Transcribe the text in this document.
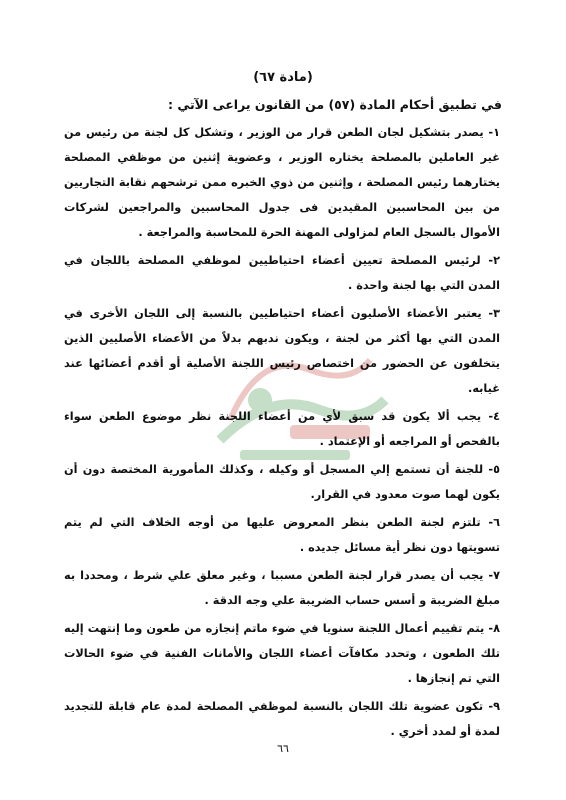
(مادة ٦٧)
في تطبيق أحكام المادة (٥٧) من القانون يراعى الآتي :
١- يصدر بتشكيل لجان الطعن قرار من الوزير ، وتشكل كل لجنة من رئيس من غير العاملين بالمصلحة يختاره الوزير ، وعضوية إثنين من موظفي المصلحة يختارهما رئيس المصلحة ، وإثنين من ذوي الخبره ممن ترشحهم نقابة التجاريين من بين المحاسبين المقيدين فى جدول المحاسبين والمراجعين لشركات الأموال بالسجل العام لمزاولى المهنة الحرة للمحاسبة والمراجعة .
٢- لرئيس المصلحة تعيين أعضاء احتياطيين لموظفي المصلحة باللجان في المدن التي بها لجنة واحدة .
٣- يعتبر الأعضاء الأصليون أعضاء احتياطيين بالنسبة إلى اللجان الأخرى في المدن التي بها أكثر من لجنة ، ويكون ندبهم بدلاً من الأعضاء الأصليين الذين يتخلفون عن الحضور من اختصاص رئيس اللجنة الأصلية أو أقدم أعضائها عند غيابه.
٤- يجب ألا يكون قد سبق لأي من أعضاء اللجنة نظر موضوع الطعن سواء بالفحص أو المراجعه أو الإعتماد .
٥- للجنة أن تستمع إلي المسجل أو وكيله ، وكذلك المأمورية المختصة دون أن يكون لهما صوت معدود في القرار.
٦- تلتزم لجنة الطعن بنظر المعروض عليها من أوجه الخلاف التي لم يتم تسويتها دون نظر أية مسائل جديده .
٧- يجب أن يصدر قرار لجنة الطعن مسببا ، وغير معلق علي شرط ، ومحددا به مبلغ الضريبة و أسس حساب الضريبة علي وجه الدقة .
٨- يتم تقييم أعمال اللجنة سنويا في ضوء ماتم إنجازه من طعون وما إنتهت إليه تلك الطعون ، وتحدد مكافآت أعضاء اللجان والأمانات الفنية في ضوء الحالات التي تم إنجازها .
٩- تكون عضوية تلك اللجان بالنسبة لموظفي المصلحة لمدة عام قابلة للتجديد لمدة أو لمدد أخري .
٦٦
